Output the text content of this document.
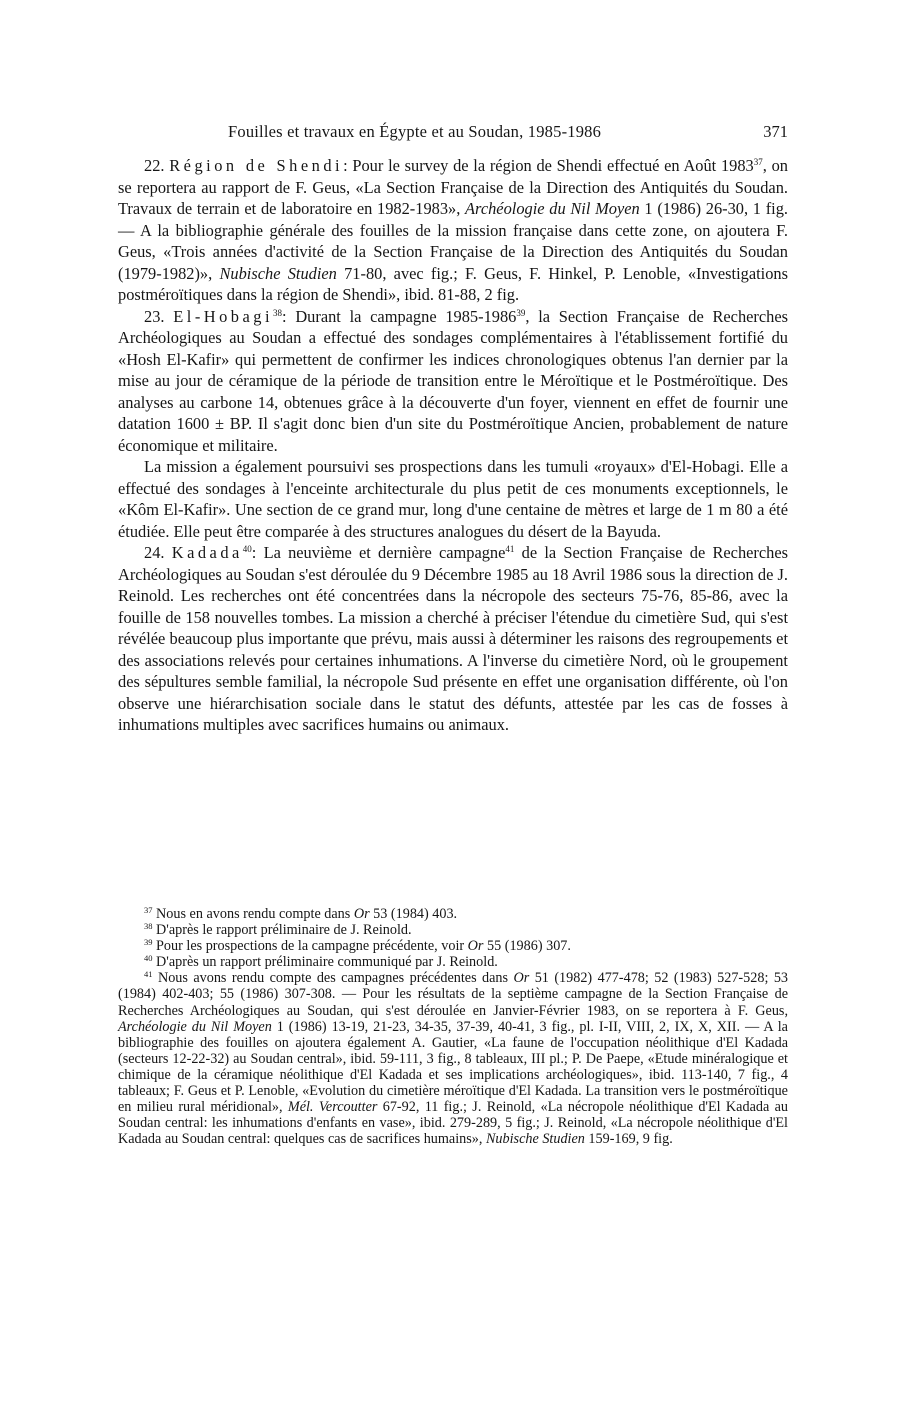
Fouilles et travaux en Égypte et au Soudan, 1985-1986	371

22. Région de Shendi: Pour le survey de la région de Shendi effectué en Août 1983$^{37}$, on se reportera au rapport de F. Geus, «La Section Française de la Direction des Antiquités du Soudan. Travaux de terrain et de laboratoire en 1982-1983», Archéologie du Nil Moyen 1 (1986) 26-30, 1 fig. — A la bibliographie générale des fouilles de la mission française dans cette zone, on ajoutera F. Geus, «Trois années d'activité de la Section Française de la Direction des Antiquités du Soudan (1979-1982)», Nubische Studien 71-80, avec fig.; F. Geus, F. Hinkel, P. Lenoble, «Investigations postméroïtiques dans la région de Shendi», ibid. 81-88, 2 fig.

23. El-Hobagi$^{38}$: Durant la campagne 1985-1986$^{39}$, la Section Française de Recherches Archéologiques au Soudan a effectué des sondages complémentaires à l'établissement fortifié du «Hosh El-Kafir» qui permettent de confirmer les indices chronologiques obtenus l'an dernier par la mise au jour de céramique de la période de transition entre le Méroïtique et le Postméroïtique. Des analyses au carbone 14, obtenues grâce à la découverte d'un foyer, viennent en effet de fournir une datation 1600 ± BP. Il s'agit donc bien d'un site du Postméroïtique Ancien, probablement de nature économique et militaire.

La mission a également poursuivi ses prospections dans les tumuli «royaux» d'El-Hobagi. Elle a effectué des sondages à l'enceinte architecturale du plus petit de ces monuments exceptionnels, le «Kôm El-Kafir». Une section de ce grand mur, long d'une centaine de mètres et large de 1 m 80 a été étudiée. Elle peut être comparée à des structures analogues du désert de la Bayuda.

24. Kadada$^{40}$: La neuvième et dernière campagne$^{41}$ de la Section Française de Recherches Archéologiques au Soudan s'est déroulée du 9 Décembre 1985 au 18 Avril 1986 sous la direction de J. Reinold. Les recherches ont été concentrées dans la nécropole des secteurs 75-76, 85-86, avec la fouille de 158 nouvelles tombes. La mission a cherché à préciser l'étendue du cimetière Sud, qui s'est révélée beaucoup plus importante que prévu, mais aussi à déterminer les raisons des regroupements et des associations relevés pour certaines inhumations. A l'inverse du cimetière Nord, où le groupement des sépultures semble familial, la nécropole Sud présente en effet une organisation différente, où l'on observe une hiérarchisation sociale dans le statut des défunts, attestée par les cas de fosses à inhumations multiples avec sacrifices humains ou animaux.

$^{37}$ Nous en avons rendu compte dans Or 53 (1984) 403.

$^{38}$ D'après le rapport préliminaire de J. Reinold.

$^{39}$ Pour les prospections de la campagne précédente, voir Or 55 (1986) 307.

$^{40}$ D'après un rapport préliminaire communiqué par J. Reinold.

$^{41}$ Nous avons rendu compte des campagnes précédentes dans Or 51 (1982) 477-478; 52 (1983) 527-528; 53 (1984) 402-403; 55 (1986) 307-308. — Pour les résultats de la septième campagne de la Section Française de Recherches Archéologiques au Soudan, qui s'est déroulée en Janvier-Février 1983, on se reportera à F. Geus, Archéologie du Nil Moyen 1 (1986) 13-19, 21-23, 34-35, 37-39, 40-41, 3 fig., pl. I-II, VIII, 2, IX, X, XII. — A la bibliographie des fouilles on ajoutera également A. Gautier, «La faune de l'occupation néolithique d'El Kadada (secteurs 12-22-32) au Soudan central», ibid. 59-111, 3 fig., 8 tableaux, III pl.; P. De Paepe, «Etude minéralogique et chimique de la céramique néolithique d'El Kadada et ses implications archéologiques», ibid. 113-140, 7 fig., 4 tableaux; F. Geus et P. Lenoble, «Evolution du cimetière méroïtique d'El Kadada. La transition vers le postméroïtique en milieu rural méridional», Mél. Vercoutter 67-92, 11 fig.; J. Reinold, «La nécropole néolithique d'El Kadada au Soudan central: les inhumations d'enfants en vase», ibid. 279-289, 5 fig.; J. Reinold, «La nécropole néolithique d'El Kadada au Soudan central: quelques cas de sacrifices humains», Nubische Studien 159-169, 9 fig.
